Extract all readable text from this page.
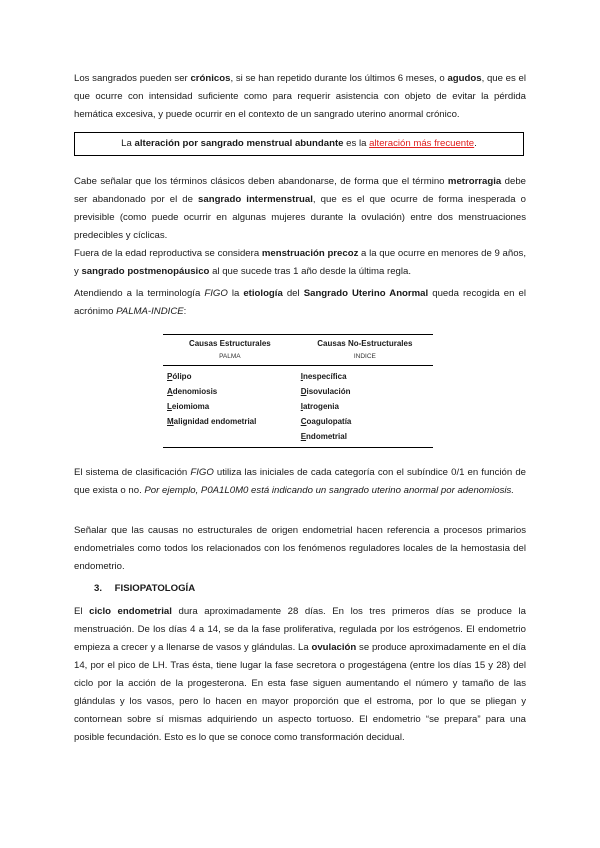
Los sangrados pueden ser crónicos, si se han repetido durante los últimos 6 meses, o agudos, que es el que ocurre con intensidad suficiente como para requerir asistencia con objeto de evitar la pérdida hemática excesiva, y puede ocurrir en el contexto de un sangrado uterino anormal crónico.

La alteración por sangrado menstrual abundante es la alteración más frecuente.

Cabe señalar que los términos clásicos deben abandonarse, de forma que el término metrorragia debe ser abandonado por el de sangrado intermenstrual, que es el que ocurre de forma inesperada o previsible (como puede ocurrir en algunas mujeres durante la ovulación) entre dos menstruaciones predecibles y cíclicas.

Fuera de la edad reproductiva se considera menstruación precoz a la que ocurre en menores de 9 años, y sangrado postmenopáusico al que sucede tras 1 año desde la última regla.

Atendiendo a la terminología FIGO la etiología del Sangrado Uterino Anormal queda recogida en el acrónimo PALMA-INDICE:

Causas Estructurales	Causas No-Estructurales
PALMA	INDICE
Pólipo	Inespecífica
Adenomiosis	Disovulación
Leiomioma	Iatrogenia
Malignidad endometrial	Coagulopatía
	Endometrial

El sistema de clasificación FIGO utiliza las iniciales de cada categoría con el subíndice 0/1 en función de que exista o no. Por ejemplo, P0A1L0M0 está indicando un sangrado uterino anormal por adenomiosis.

Señalar que las causas no estructurales de origen endometrial hacen referencia a procesos primarios endometriales como todos los relacionados con los fenómenos reguladores locales de la hemostasia del endometrio.

3. FISIOPATOLOGÍA

El ciclo endometrial dura aproximadamente 28 días. En los tres primeros días se produce la menstruación. De los días 4 a 14, se da la fase proliferativa, regulada por los estrógenos. El endometrio empieza a crecer y a llenarse de vasos y glándulas. La ovulación se produce aproximadamente en el día 14, por el pico de LH. Tras ésta, tiene lugar la fase secretora o progestágena (entre los días 15 y 28) del ciclo por la acción de la progesterona. En esta fase siguen aumentando el número y tamaño de las glándulas y los vasos, pero lo hacen en mayor proporción que el estroma, por lo que se pliegan y contornean sobre sí mismas adquiriendo un aspecto tortuoso. El endometrio “se prepara” para una posible fecundación. Esto es lo que se conoce como transformación decidual.
